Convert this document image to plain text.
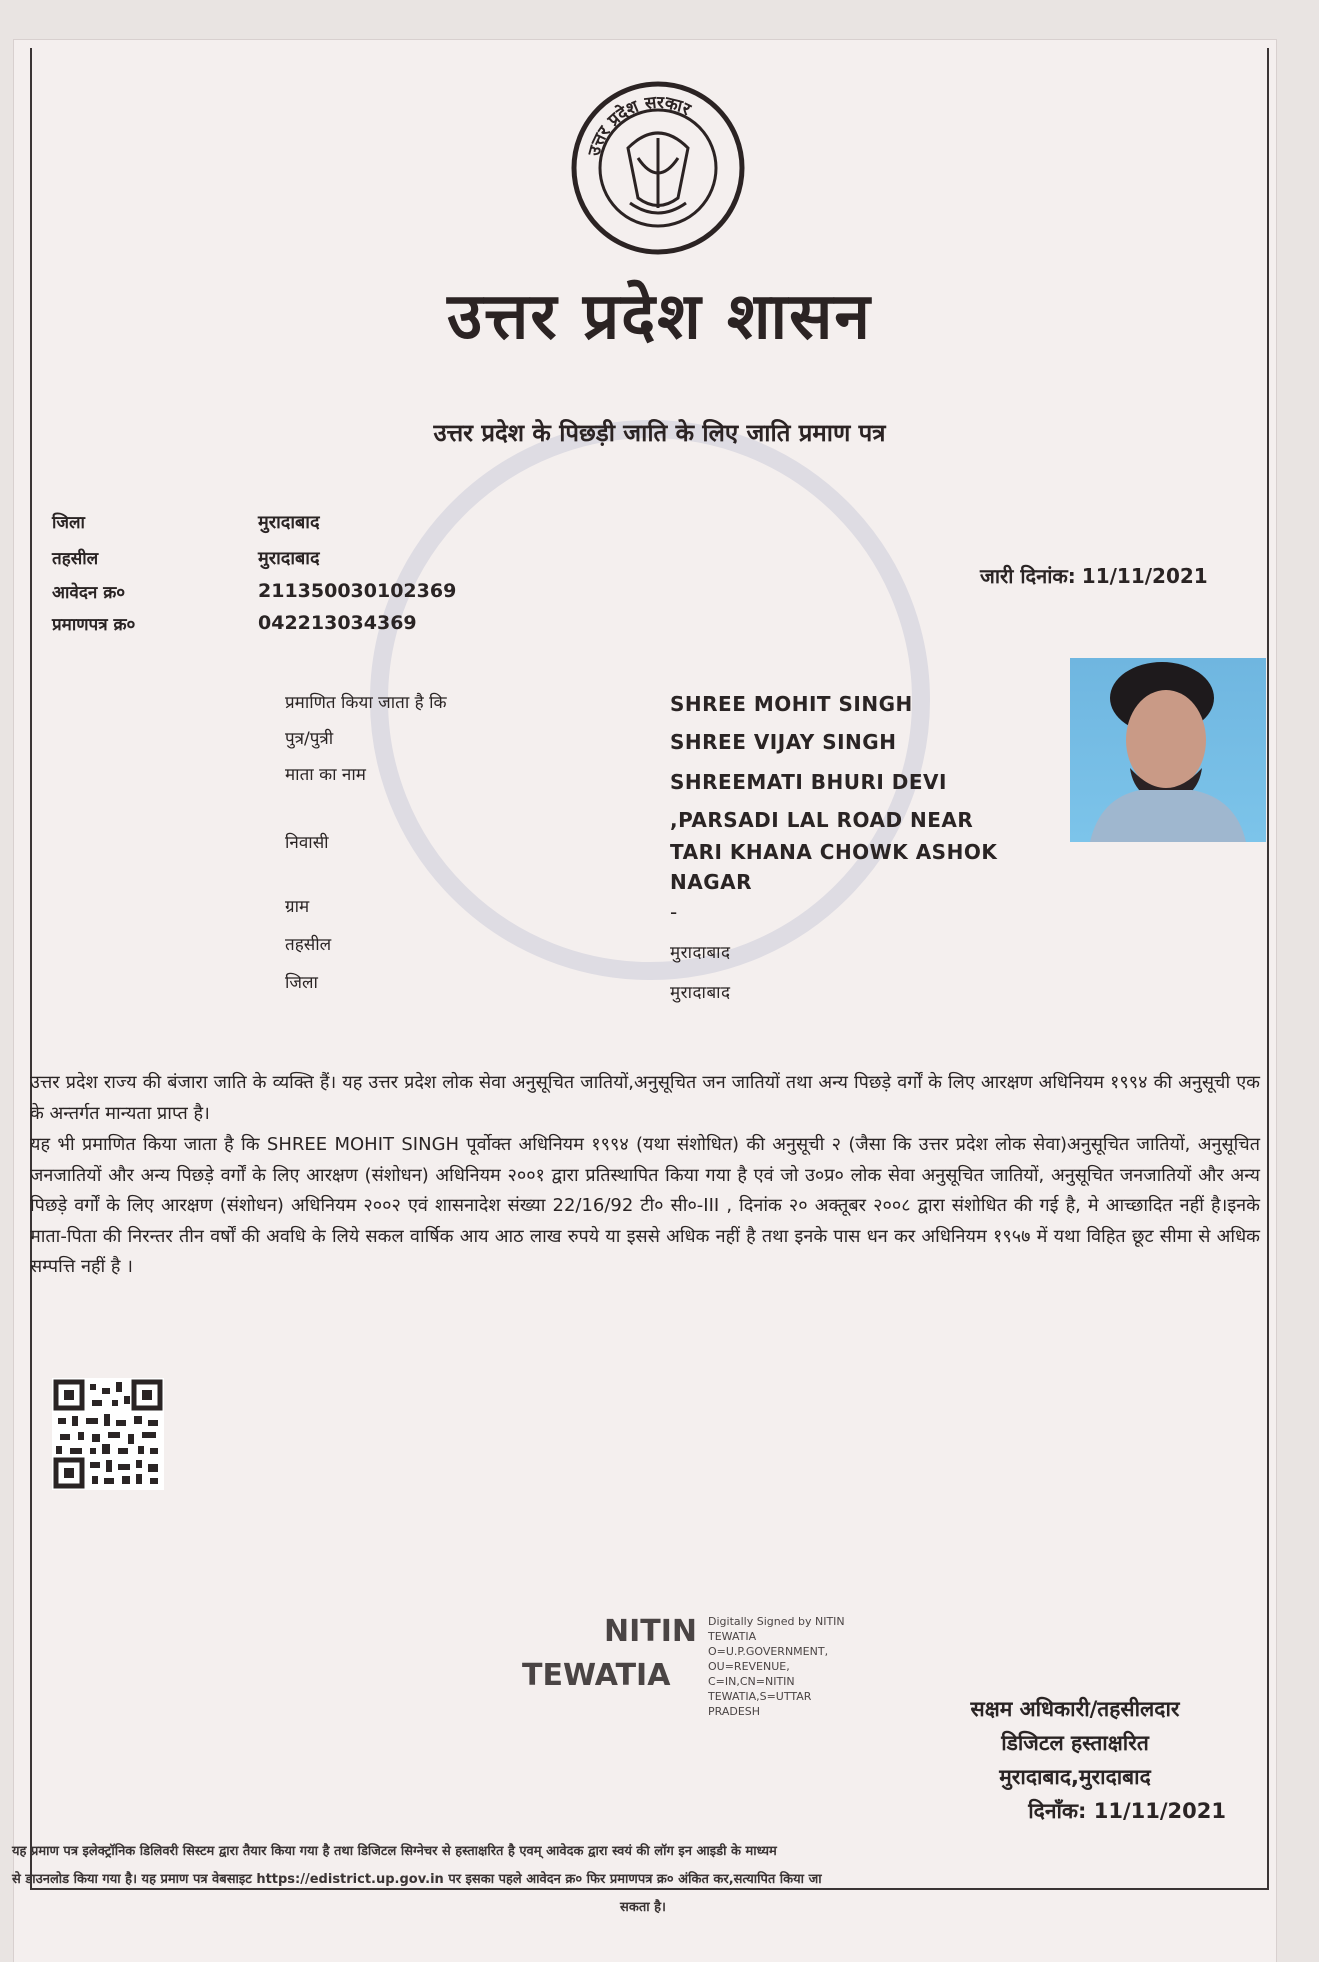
उत्तर प्रदेश सरकार
उत्तर प्रदेश शासन
उत्तर प्रदेश के पिछड़ी जाति के लिए जाति प्रमाण पत्र
जिला	मुरादाबाद
तहसील	मुरादाबाद
आवेदन क्र०	211350030102369
प्रमाणपत्र क्र०	042213034369
जारी दिनांक: 11/11/2021
प्रमाणित किया जाता है कि	SHREE MOHIT SINGH
पुत्र/पुत्री	SHREE VIJAY SINGH
माता का नाम	SHREEMATI BHURI DEVI
निवासी
,PARSADI LAL ROAD NEAR
TARI KHANA CHOWK ASHOK
NAGAR
ग्राम	-
तहसील	मुरादाबाद
जिला	मुरादाबाद
उत्तर प्रदेश राज्य की बंजारा जाति के व्यक्ति हैं। यह उत्तर प्रदेश लोक सेवा अनुसूचित जातियों,अनुसूचित जन जातियों तथा अन्य पिछड़े वर्गों के लिए आरक्षण अधिनियम १९९४ की अनुसूची एक के अन्तर्गत मान्यता प्राप्त है।
यह भी प्रमाणित किया जाता है कि SHREE MOHIT SINGH पूर्वोक्त अधिनियम १९९४ (यथा संशोधित) की अनुसूची २ (जैसा कि उत्तर प्रदेश लोक सेवा)अनुसूचित जातियों, अनुसूचित जनजातियों और अन्य पिछड़े वर्गों के लिए आरक्षण (संशोधन) अधिनियम २००१ द्वारा प्रतिस्थापित किया गया है एवं जो उ०प्र० लोक सेवा अनुसूचित जातियों, अनुसूचित जनजातियों और अन्य पिछड़े वर्गों के लिए आरक्षण (संशोधन) अधिनियम २००२ एवं शासनादेश संख्या 22/16/92 टी० सी०-III , दिनांक २० अक्तूबर २००८ द्वारा संशोधित की गई है, मे आच्छादित नहीं है।इनके माता-पिता की निरन्तर तीन वर्षों की अवधि के लिये सकल वार्षिक आय आठ लाख रुपये या इससे अधिक नहीं है तथा इनके पास धन कर अधिनियम १९५७ में यथा विहित छूट सीमा से अधिक सम्पत्ति नहीं है ।
NITIN
TEWATIA
Digitally Signed by NITIN
TEWATIA
O=U.P.GOVERNMENT,
OU=REVENUE,
C=IN,CN=NITIN
TEWATIA,S=UTTAR
PRADESH	सक्षम अधिकारी/तहसीलदार
डिजिटल हस्ताक्षरित
मुरादाबाद,मुरादाबाद
दिनाँक: 11/11/2021
यह प्रमाण पत्र इलेक्ट्रॉनिक डिलिवरी सिस्टम द्वारा तैयार किया गया है तथा डिजिटल सिग्नेचर से हस्ताक्षरित है एवम् आवेदक द्वारा स्वयं की लॉग इन आइडी के माध्यम
से डाउनलोड किया गया है। यह प्रमाण पत्र वेबसाइट https://edistrict.up.gov.in पर इसका पहले आवेदन क्र० फिर प्रमाणपत्र क्र० अंकित कर,सत्यापित किया जा
सकता है।
